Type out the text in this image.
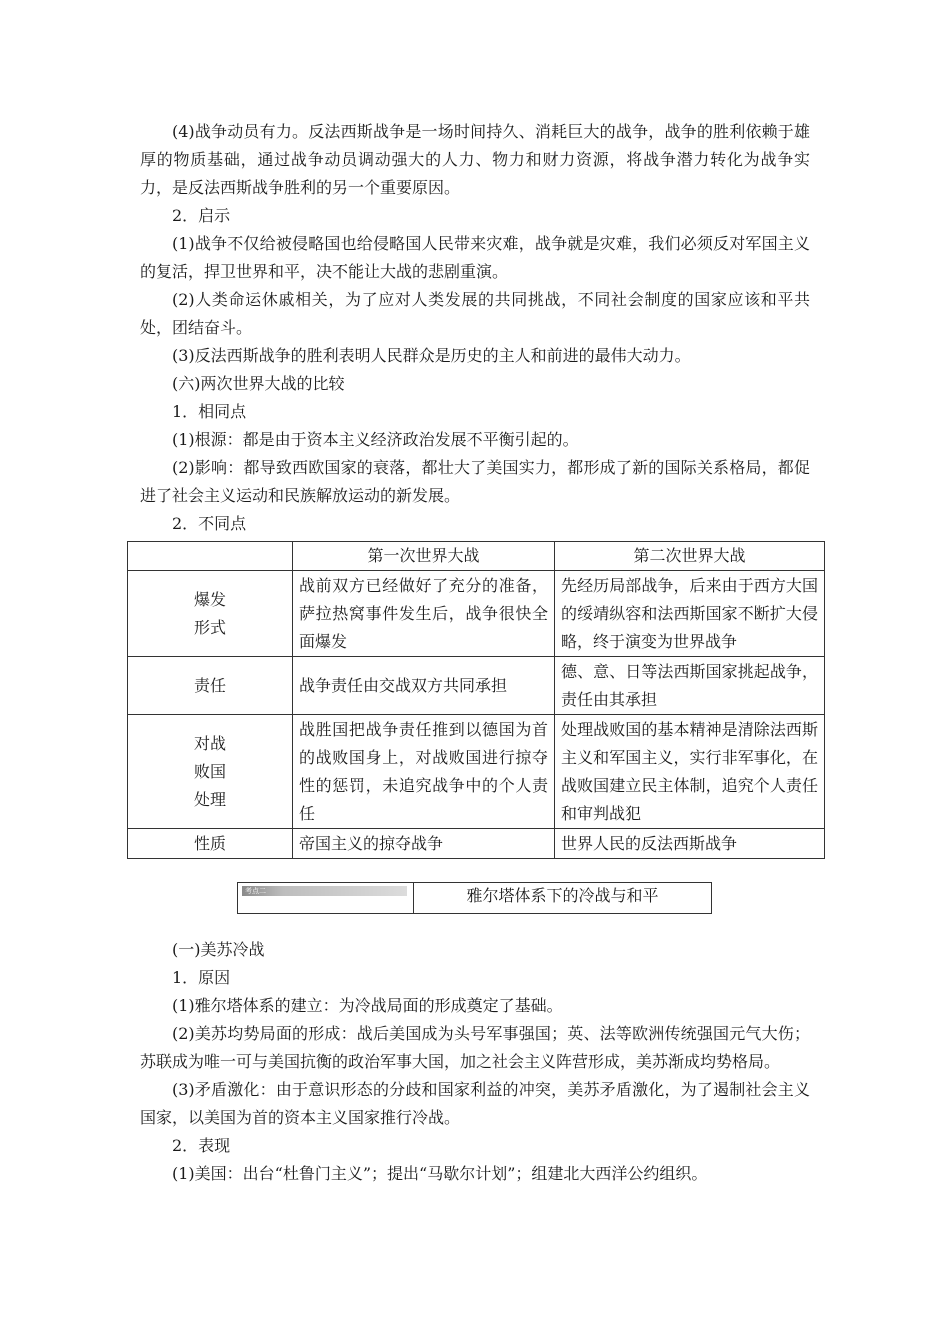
(4)战争动员有力。反法西斯战争是一场时间持久、消耗巨大的战争，战争的胜利依赖于雄厚的物质基础，通过战争动员调动强大的人力、物力和财力资源，将战争潜力转化为战争实力，是反法西斯战争胜利的另一个重要原因。

2．启示

(1)战争不仅给被侵略国也给侵略国人民带来灾难，战争就是灾难，我们必须反对军国主义的复活，捍卫世界和平，决不能让大战的悲剧重演。

(2)人类命运休戚相关，为了应对人类发展的共同挑战，不同社会制度的国家应该和平共处，团结奋斗。

(3)反法西斯战争的胜利表明人民群众是历史的主人和前进的最伟大动力。

(六)两次世界大战的比较

1．相同点

(1)根源：都是由于资本主义经济政治发展不平衡引起的。

(2)影响：都导致西欧国家的衰落，都壮大了美国实力，都形成了新的国际关系格局，都促进了社会主义运动和民族解放运动的新发展。

2．不同点

	第一次世界大战	第二次世界大战
爆发
形式	战前双方已经做好了充分的准备，萨拉热窝事件发生后，战争很快全面爆发	先经历局部战争，后来由于西方大国的绥靖纵容和法西斯国家不断扩大侵略，终于演变为世界战争
责任	战争责任由交战双方共同承担	德、意、日等法西斯国家挑起战争，责任由其承担
对战
败国
处理	战胜国把战争责任推到以德国为首的战败国身上，对战败国进行掠夺性的惩罚，未追究战争中的个人责任	处理战败国的基本精神是清除法西斯主义和军国主义，实行非军事化，在战败国建立民主体制，追究个人责任和审判战犯
性质	帝国主义的掠夺战争	世界人民的反法西斯战争
考点二	雅尔塔体系下的冷战与和平

(一)美苏冷战

1．原因

(1)雅尔塔体系的建立：为冷战局面的形成奠定了基础。

(2)美苏均势局面的形成：战后美国成为头号军事强国；英、法等欧洲传统强国元气大伤；苏联成为唯一可与美国抗衡的政治军事大国，加之社会主义阵营形成，美苏渐成均势格局。

(3)矛盾激化：由于意识形态的分歧和国家利益的冲突，美苏矛盾激化，为了遏制社会主义国家，以美国为首的资本主义国家推行冷战。

2．表现

(1)美国：出台“杜鲁门主义”；提出“马歇尔计划”；组建北大西洋公约组织。
